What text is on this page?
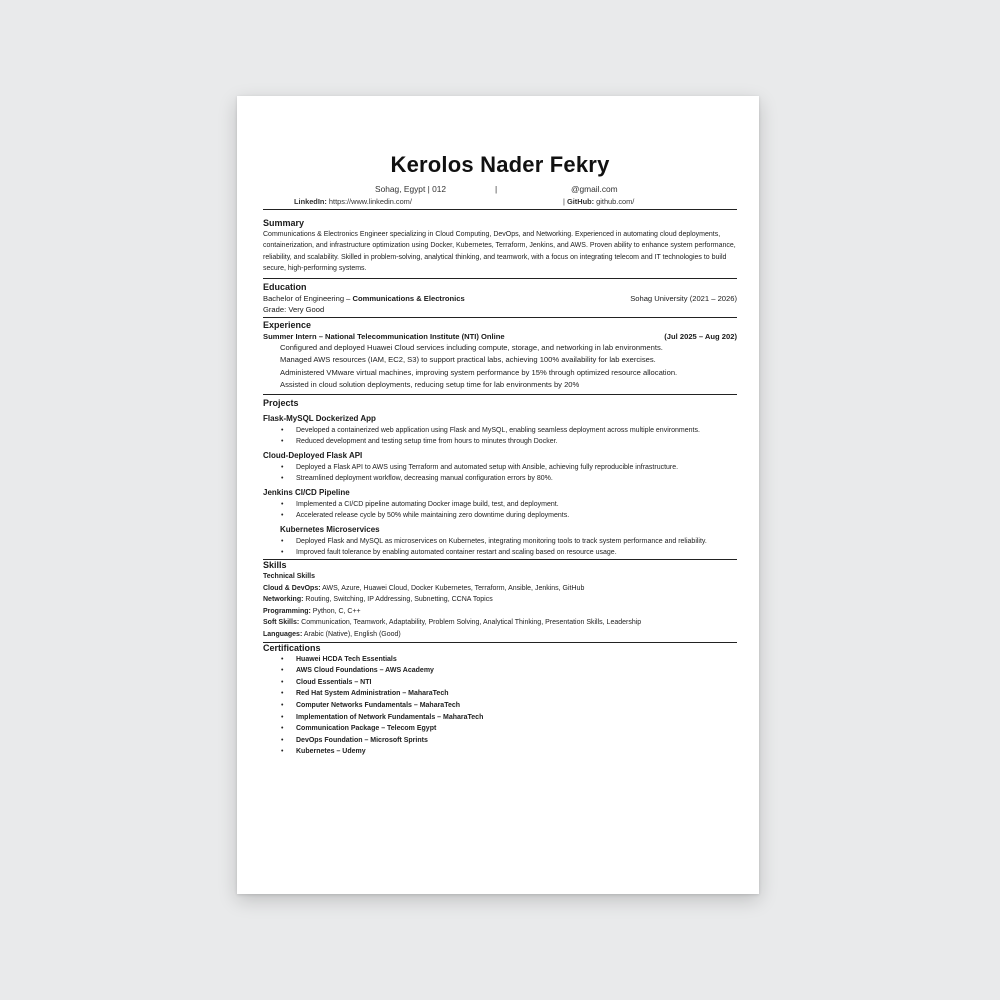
Kerolos Nader Fekry
Sohag, Egypt | 012	|	@gmail.com
LinkedIn: https://www.linkedin.com/	| GitHub: github.com/
Summary
Communications & Electronics Engineer specializing in Cloud Computing, DevOps, and Networking. Experienced in automating cloud deployments, containerization, and infrastructure optimization using Docker, Kubernetes, Terraform, Jenkins, and AWS. Proven ability to enhance system performance, reliability, and scalability. Skilled in problem-solving, analytical thinking, and teamwork, with a focus on integrating telecom and IT technologies to build secure, high-performing systems.
Education
Bachelor of Engineering – Communications & Electronics	Sohag University (2021 – 2026)
Grade: Very Good
Experience
Summer Intern – National Telecommunication Institute (NTI) Online	(Jul 2025 – Aug 202)
Configured and deployed Huawei Cloud services including compute, storage, and networking in lab environments.
Managed AWS resources (IAM, EC2, S3) to support practical labs, achieving 100% availability for lab exercises.
Administered VMware virtual machines, improving system performance by 15% through optimized resource allocation.
Assisted in cloud solution deployments, reducing setup time for lab environments by 20%
Projects
Flask-MySQL Dockerized App
• Developed a containerized web application using Flask and MySQL, enabling seamless deployment across multiple environments.
• Reduced development and testing setup time from hours to minutes through Docker.
Cloud-Deployed Flask API
• Deployed a Flask API to AWS using Terraform and automated setup with Ansible, achieving fully reproducible infrastructure.
• Streamlined deployment workflow, decreasing manual configuration errors by 80%.
Jenkins CI/CD Pipeline
• Implemented a CI/CD pipeline automating Docker image build, test, and deployment.
• Accelerated release cycle by 50% while maintaining zero downtime during deployments.
Kubernetes Microservices
• Deployed Flask and MySQL as microservices on Kubernetes, integrating monitoring tools to track system performance and reliability.
• Improved fault tolerance by enabling automated container restart and scaling based on resource usage.
Skills
Technical Skills
Cloud & DevOps: AWS, Azure, Huawei Cloud, Docker Kubernetes, Terraform, Ansible, Jenkins, GitHub
Networking: Routing, Switching, IP Addressing, Subnetting, CCNA Topics
Programming: Python, C, C++
Soft Skills: Communication, Teamwork, Adaptability, Problem Solving, Analytical Thinking, Presentation Skills, Leadership
Languages: Arabic (Native), English (Good)
Certifications
• Huawei HCDA Tech Essentials
• AWS Cloud Foundations – AWS Academy
• Cloud Essentials – NTI
• Red Hat System Administration – MaharaTech
• Computer Networks Fundamentals – MaharaTech
• Implementation of Network Fundamentals – MaharaTech
• Communication Package – Telecom Egypt
• DevOps Foundation – Microsoft Sprints
• Kubernetes – Udemy
